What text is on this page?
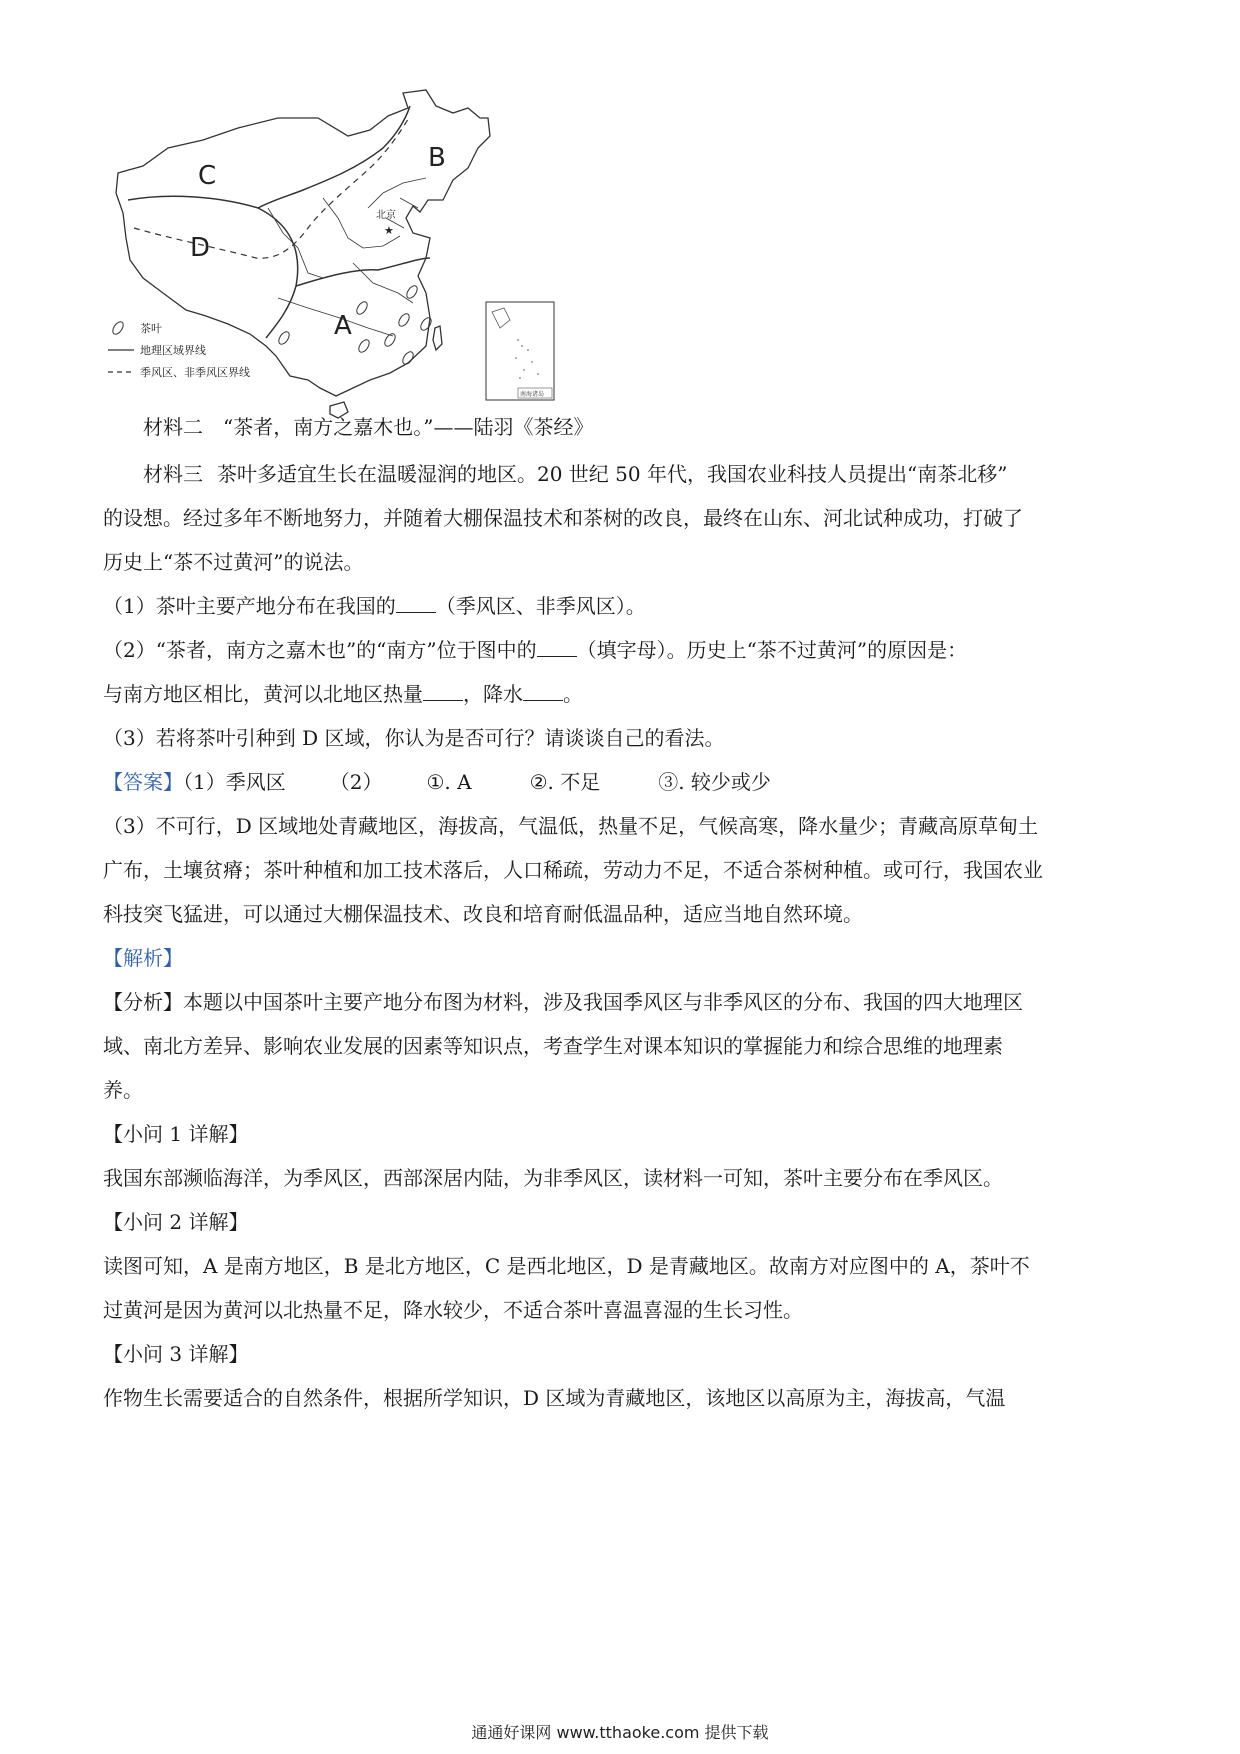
C
B
D
A
北京
★
茶叶
地理区域界线
季风区、非季风区界线
南海诸岛
材料二 “茶者，南方之嘉木也。”——陆羽《茶经》
材料三 茶叶多适宜生长在温暖湿润的地区。20 世纪 50 年代，我国农业科技人员提出“南茶北移”
的设想。经过多年不断地努力，并随着大棚保温技术和茶树的改良，最终在山东、河北试种成功，打破了
历史上“茶不过黄河”的说法。
（1）茶叶主要产地分布在我国的 （季风区、非季风区）。
（2）“茶者，南方之嘉木也”的“南方”位于图中的 （填字母）。历史上“茶不过黄河”的原因是：
与南方地区相比，黄河以北地区热量 ，降水 。
（3）若将茶叶引种到 D 区域，你认为是否可行？请谈谈自己的看法。
【答案】（1）季风区 （2） ①. A	②. 不足	③. 较少或少
（3）不可行，D 区域地处青藏地区，海拔高，气温低，热量不足，气候高寒，降水量少；青藏高原草甸土
广布，土壤贫瘠；茶叶种植和加工技术落后，人口稀疏，劳动力不足，不适合茶树种植。或可行，我国农业
科技突飞猛进，可以通过大棚保温技术、改良和培育耐低温品种，适应当地自然环境。
【解析】
【分析】本题以中国茶叶主要产地分布图为材料，涉及我国季风区与非季风区的分布、我国的四大地理区
域、南北方差异、影响农业发展的因素等知识点，考查学生对课本知识的掌握能力和综合思维的地理素
养。
【小问 1 详解】
我国东部濒临海洋，为季风区，西部深居内陆，为非季风区，读材料一可知，茶叶主要分布在季风区。
【小问 2 详解】
读图可知，A 是南方地区，B 是北方地区，C 是西北地区，D 是青藏地区。故南方对应图中的 A，茶叶不
过黄河是因为黄河以北热量不足，降水较少，不适合茶叶喜温喜湿的生长习性。
【小问 3 详解】
作物生长需要适合的自然条件，根据所学知识，D 区域为青藏地区，该地区以高原为主，海拔高，气温
通通好课网 www.tthaoke.com 提供下载
